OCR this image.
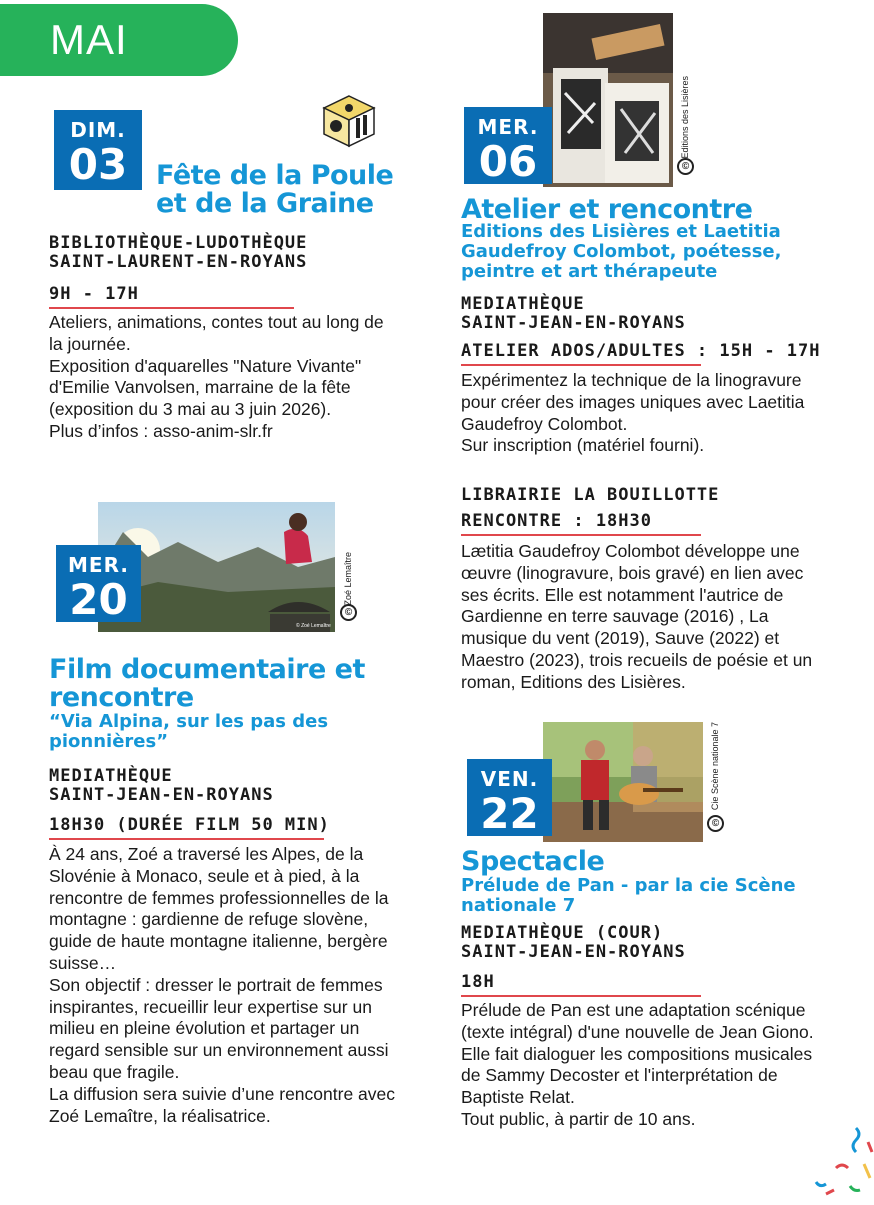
MAI
DIM.
03	Fête de la Poule
et de la Graine
BIBLIOTHÈQUE-LUDOTHÈQUE
SAINT-LAURENT-EN-ROYANS
9H - 17H

Ateliers, animations, contes tout au long de la journée.

Exposition d'aquarelles "Nature Vivante" d'Emilie Vanvolsen, marraine de la fête (exposition du 3 mai au 3 juin 2026).

Plus d’infos : asso-anim-slr.fr

Editions des Lisières
©
MER.
06
Atelier et rencontre
Editions des Lisières et Laetitia
Gaudefroy Colombot, poétesse,
peintre et art thérapeute
MEDIATHÈQUE
SAINT-JEAN-EN-ROYANS
ATELIER ADOS/ADULTES : 15H - 17H

Expérimentez la technique de la linogravure pour créer des images uniques avec Laetitia Gaudefroy Colombot.

Sur inscription (matériel fourni).

LIBRAIRIE LA BOUILLOTTE
RENCONTRE : 18H30

Lætitia Gaudefroy Colombot développe une œuvre (linogravure, bois gravé) en lien avec ses écrits. Elle est notamment l'autrice de Gardienne en terre sauvage (2016) , La musique du vent (2019), Sauve (2022) et Maestro (2023), trois recueils de poésie et un roman, Editions des Lisières.

© Zoé Lemaître
Zoé Lemaître
©
MER.
20
Film documentaire et
rencontre
“Via Alpina, sur les pas des
pionnières”
MEDIATHÈQUE
SAINT-JEAN-EN-ROYANS
18H30 (DURÉE FILM 50 MIN)

À 24 ans, Zoé a traversé les Alpes, de la Slovénie à Monaco, seule et à pied, à la rencontre de femmes professionnelles de la montagne : gardienne de refuge slovène, guide de haute montagne italienne, bergère suisse…

Son objectif : dresser le portrait de femmes inspirantes, recueillir leur expertise sur un milieu en pleine évolution et partager un regard sensible sur un environnement aussi beau que fragile.

La diffusion sera suivie d’une rencontre avec Zoé Lemaître, la réalisatrice.

Cie Scène nationale 7
©
VEN.
22
Spectacle
Prélude de Pan - par la cie Scène
nationale 7
MEDIATHÈQUE (COUR)
SAINT-JEAN-EN-ROYANS
18H

Prélude de Pan est une adaptation scénique (texte intégral) d'une nouvelle de Jean Giono. Elle fait dialoguer les compositions musicales de Sammy Decoster et l'interprétation de Baptiste Relat.

Tout public, à partir de 10 ans.
